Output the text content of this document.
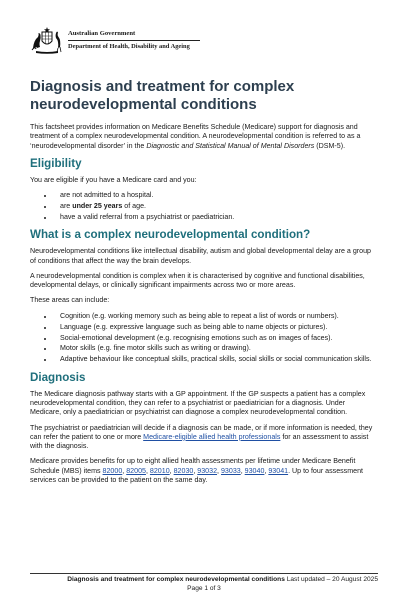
Australian Government
Department of Health, Disability and Ageing
Diagnosis and treatment for complex
neurodevelopmental conditions

This factsheet provides information on Medicare Benefits Schedule (Medicare) support for diagnosis and treatment of a complex neurodevelopmental condition. A neurodevelopmental condition is referred to as a ‘neurodevelopmental disorder’ in the Diagnostic and Statistical Manual of Mental Disorders (DSM-5).

Eligibility

You are eligible if you have a Medicare card and you:

• are not admitted to a hospital.
• are under 25 years of age.
• have a valid referral from a psychiatrist or paediatrician.
What is a complex neurodevelopmental condition?

Neurodevelopmental conditions like intellectual disability, autism and global developmental delay are a group of conditions that affect the way the brain develops.

A neurodevelopmental condition is complex when it is characterised by cognitive and functional disabilities, developmental delays, or clinically significant impairments across two or more areas.

These areas can include:

• Cognition (e.g. working memory such as being able to repeat a list of words or numbers).
• Language (e.g. expressive language such as being able to name objects or pictures).
• Social-emotional development (e.g. recognising emotions such as on images of faces).
• Motor skills (e.g. fine motor skills such as writing or drawing).
• Adaptive behaviour like conceptual skills, practical skills, social skills or social communication skills.
Diagnosis

The Medicare diagnosis pathway starts with a GP appointment. If the GP suspects a patient has a complex neurodevelopmental condition, they can refer to a psychiatrist or paediatrician for a diagnosis. Under Medicare, only a paediatrician or psychiatrist can diagnose a complex neurodevelopmental condition.

The psychiatrist or paediatrician will decide if a diagnosis can be made, or if more information is needed, they can refer the patient to one or more Medicare-eligible allied health professionals for an assessment to assist with the diagnosis.

Medicare provides benefits for up to eight allied health assessments per lifetime under Medicare Benefit Schedule (MBS) items 82000, 82005, 82010, 82030, 93032, 93033, 93040, 93041. Up to four assessment services can be provided to the patient on the same day.

Diagnosis and treatment for complex neurodevelopmental conditions Last updated – 20 August 2025
Page 1 of 3
